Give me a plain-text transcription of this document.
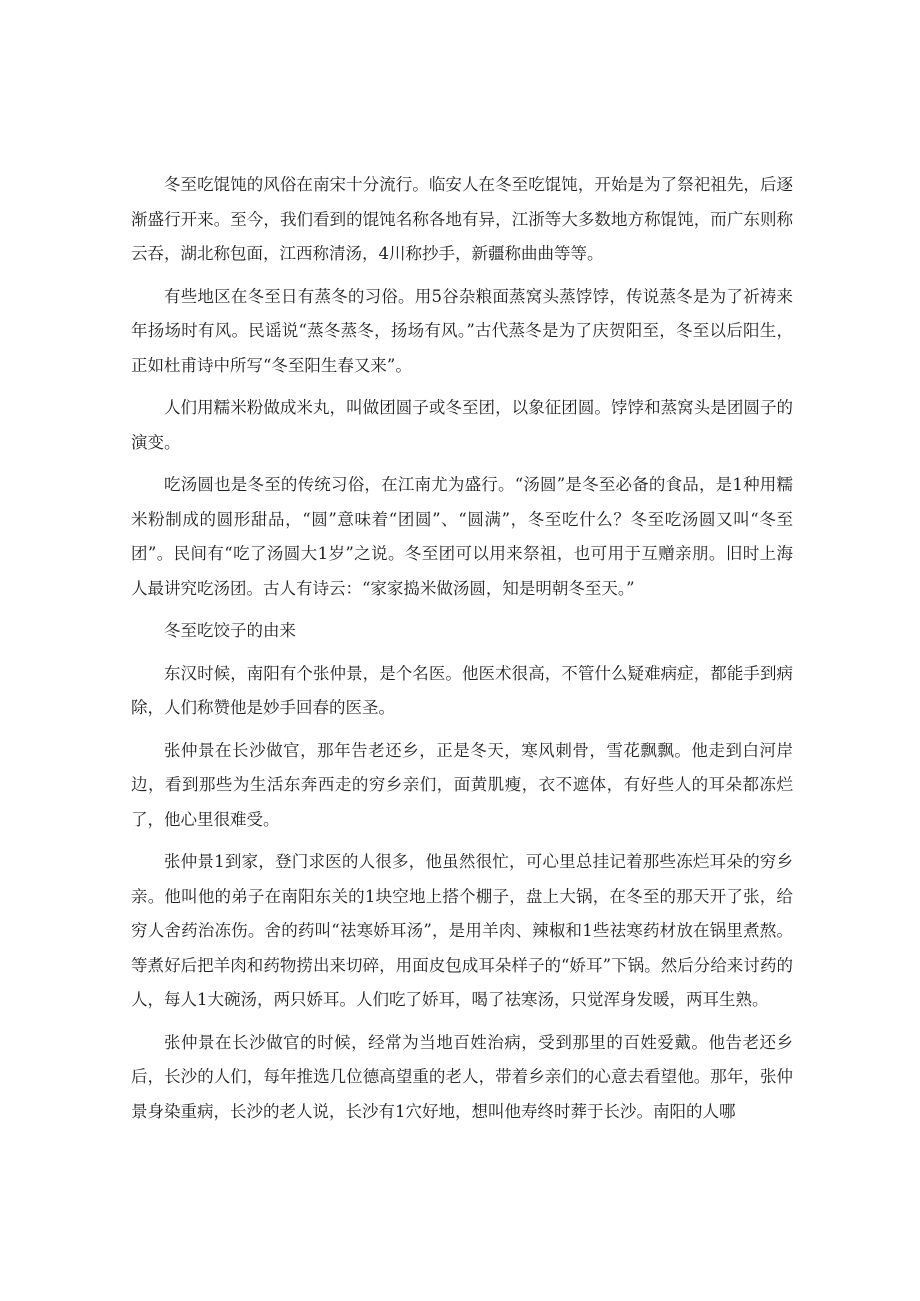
冬至吃馄饨的风俗在南宋十分流行。临安人在冬至吃馄饨，开始是为了祭祀祖先，后逐渐盛行开来。至今，我们看到的馄饨名称各地有异，江浙等大多数地方称馄饨，而广东则称云吞，湖北称包面，江西称清汤，4川称抄手，新疆称曲曲等等。

有些地区在冬至日有蒸冬的习俗。用5谷杂粮面蒸窝头蒸饽饽，传说蒸冬是为了祈祷来年扬场时有风。民谣说“蒸冬蒸冬，扬场有风。”古代蒸冬是为了庆贺阳至，冬至以后阳生，正如杜甫诗中所写“冬至阳生春又来”。

人们用糯米粉做成米丸，叫做团圆子或冬至团，以象征团圆。饽饽和蒸窝头是团圆子的演变。

吃汤圆也是冬至的传统习俗，在江南尤为盛行。“汤圆”是冬至必备的食品，是1种用糯米粉制成的圆形甜品，“圆”意味着“团圆”、“圆满”，冬至吃什么？冬至吃汤圆又叫“冬至团”。民间有“吃了汤圆大1岁”之说。冬至团可以用来祭祖，也可用于互赠亲朋。旧时上海人最讲究吃汤团。古人有诗云：“家家捣米做汤圆，知是明朝冬至天。”

冬至吃饺子的由来

东汉时候，南阳有个张仲景，是个名医。他医术很高，不管什么疑难病症，都能手到病除，人们称赞他是妙手回春的医圣。

张仲景在长沙做官，那年告老还乡，正是冬天，寒风刺骨，雪花飘飘。他走到白河岸边，看到那些为生活东奔西走的穷乡亲们，面黄肌瘦，衣不遮体，有好些人的耳朵都冻烂了，他心里很难受。

张仲景1到家，登门求医的人很多，他虽然很忙，可心里总挂记着那些冻烂耳朵的穷乡亲。他叫他的弟子在南阳东关的1块空地上搭个棚子，盘上大锅，在冬至的那天开了张，给穷人舍药治冻伤。舍的药叫“祛寒娇耳汤”，是用羊肉、辣椒和1些祛寒药材放在锅里煮熬。等煮好后把羊肉和药物捞出来切碎，用面皮包成耳朵样子的“娇耳”下锅。然后分给来讨药的人，每人1大碗汤，两只娇耳。人们吃了娇耳，喝了祛寒汤，只觉浑身发暖，两耳生熟。

张仲景在长沙做官的时候，经常为当地百姓治病，受到那里的百姓爱戴。他告老还乡后，长沙的人们，每年推选几位德高望重的老人，带着乡亲们的心意去看望他。那年，张仲景身染重病，长沙的老人说，长沙有1穴好地，想叫他寿终时葬于长沙。南阳的人哪
